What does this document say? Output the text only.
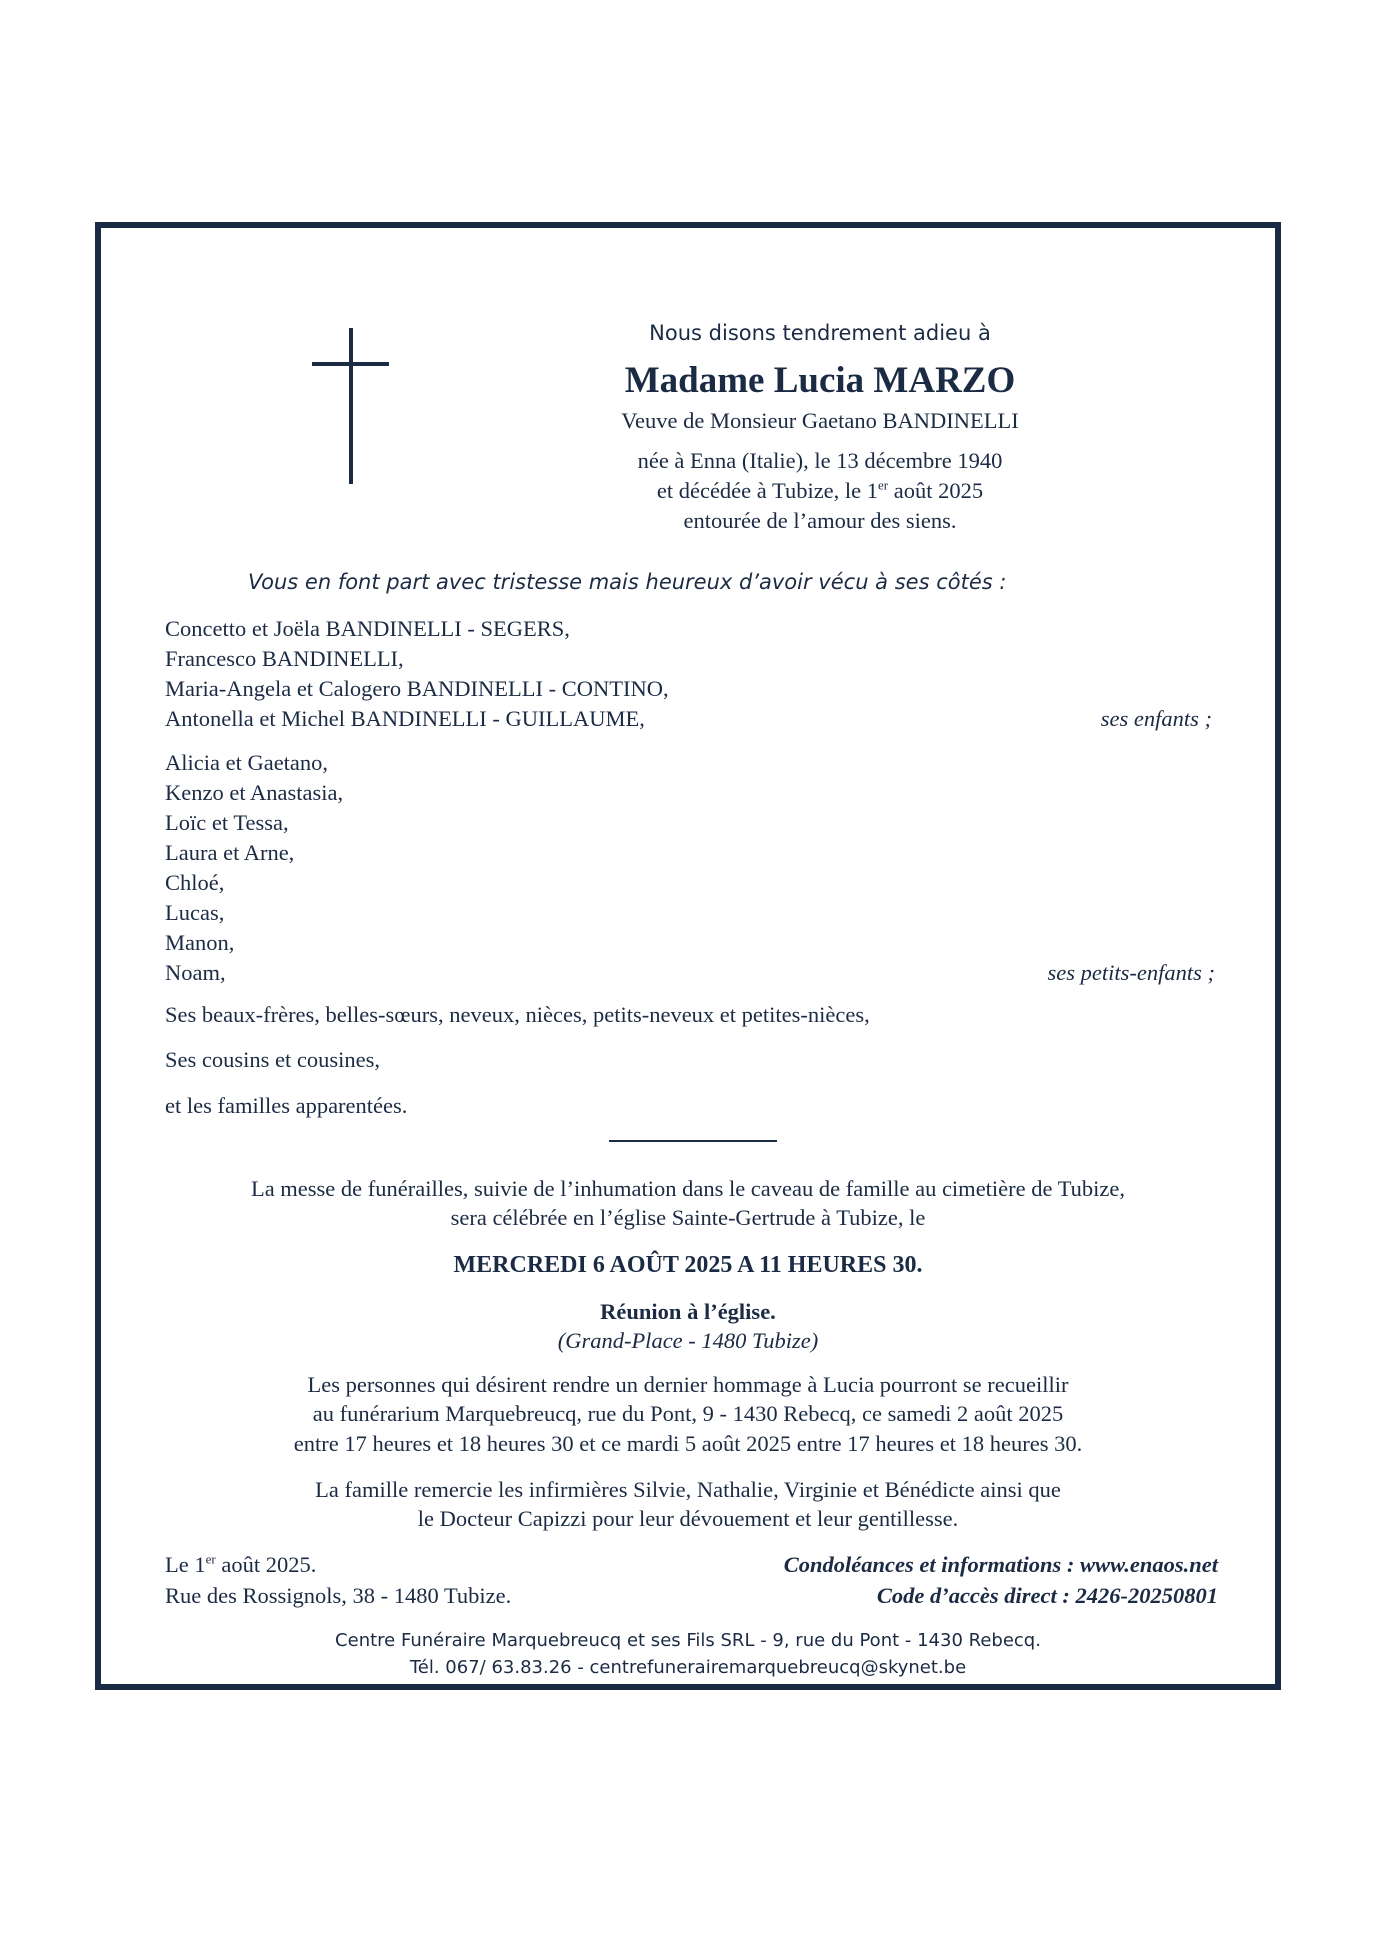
Nous disons tendrement adieu à
Madame Lucia MARZO
Veuve de Monsieur Gaetano BANDINELLI
née à Enna (Italie), le 13 décembre 1940
et décédée à Tubize, le 1er août 2025
entourée de l’amour des siens.
Vous en font part avec tristesse mais heureux d’avoir vécu à ses côtés :
Concetto et Joëla BANDINELLI - SEGERS,
Francesco BANDINELLI,
Maria-Angela et Calogero BANDINELLI - CONTINO,
Antonella et Michel BANDINELLI - GUILLAUME,	ses enfants ;
Alicia et Gaetano,
Kenzo et Anastasia,
Loïc et Tessa,
Laura et Arne,
Chloé,
Lucas,
Manon,
Noam,	ses petits-enfants ;
Ses beaux-frères, belles-sœurs, neveux, nièces, petits-neveux et petites-nièces,
Ses cousins et cousines,
et les familles apparentées.
La messe de funérailles, suivie de l’inhumation dans le caveau de famille au cimetière de Tubize,
sera célébrée en l’église Sainte-Gertrude à Tubize, le
MERCREDI 6 AOÛT 2025 A 11 HEURES 30.
Réunion à l’église.
(Grand-Place - 1480 Tubize)
Les personnes qui désirent rendre un dernier hommage à Lucia pourront se recueillir
au funérarium Marquebreucq, rue du Pont, 9 - 1430 Rebecq, ce samedi 2 août 2025
entre 17 heures et 18 heures 30 et ce mardi 5 août 2025 entre 17 heures et 18 heures 30.
La famille remercie les infirmières Silvie, Nathalie, Virginie et Bénédicte ainsi que
le Docteur Capizzi pour leur dévouement et leur gentillesse.
Le 1er août 2025.
Rue des Rossignols, 38 - 1480 Tubize.
Condoléances et informations : www.enaos.net
Code d’accès direct : 2426-20250801
Centre Funéraire Marquebreucq et ses Fils SRL - 9, rue du Pont - 1430 Rebecq.
Tél. 067/ 63.83.26 - centrefunerairemarquebreucq@skynet.be
